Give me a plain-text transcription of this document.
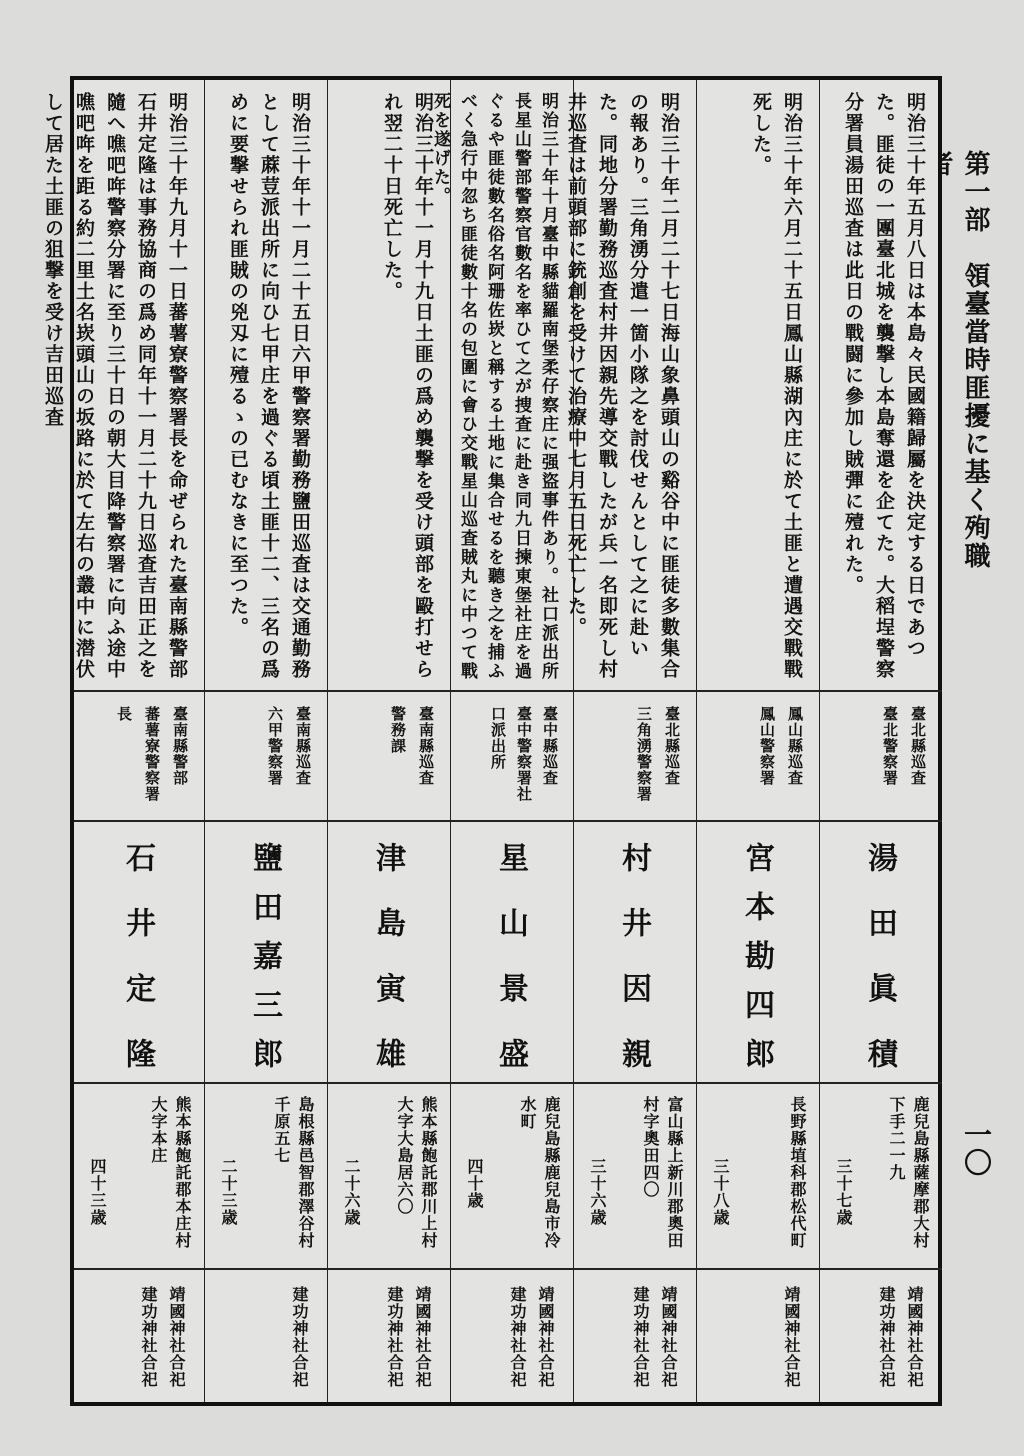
第一部　領臺當時匪擾に基く殉職
一〇
明治三十年五月八日は本島々民國籍歸屬を決定する日であつた。匪徒の一團臺北城を襲撃し本島奪還を企てた。大稻埕警察分署員湯田巡査は此日の戰闘に參加し賊彈に殪れた。
臺北縣巡査
臺北警察署
湯田眞積
鹿兒島縣薩摩郡大村
下手二一九
三十七歳
靖國神社合祀
建功神社合祀
明治三十年六月二十五日鳳山縣湖內庄に於て土匪と遭遇交戰戰死した。
鳳山縣巡査
鳳山警察署
宮本勘四郎
長野縣埴科郡松代町
三十八歳
靖國神社合祀
明治三十年二月二十七日海山象鼻頭山の谿谷中に匪徒多數集合の報あり。三角湧分遣一箇小隊之を討伐せんとして之に赴いた。同地分署勤務巡査村井因親先導交戰したが兵一名即死し村井巡査は前頭部に銃創を受けて治療中七月五日死亡した。
臺北縣巡査
三角湧警察署
村井因親
富山縣上新川郡奧田
村字奧田四〇
三十六歳
靖國神社合祀
建功神社合祀
明治三十年十月臺中縣貓羅南堡柔仔察庄に强盜事件あり。社口派出所長星山警部警察官數名を率ひて之が捜査に赴き同九日揀東堡社庄を過ぐるや匪徒數名俗名阿珊佐崁と稱する土地に集合せるを聽き之を捕ふべく急行中忽ち匪徒數十名の包圍に會ひ交戰星山巡査賊丸に中つて戰死を遂げた。
臺中縣巡査
臺中警察署社
口派出所
星山景盛
鹿兒島縣鹿兒島市冷
水町
四十歳
靖國神社合祀
建功神社合祀
明治三十年十一月十九日土匪の爲め襲撃を受け頭部を毆打せられ翌二十日死亡した。
臺南縣巡査
警務課
津島寅雄
熊本縣飽託郡川上村
大字大島居六〇
二十六歳
靖國神社合祀
建功神社合祀
明治三十年十一月二十五日六甲警察署勤務鹽田巡査は交通勤務として蔴荳派出所に向ひ七甲庄を過ぐる頃土匪十二、三名の爲めに要撃せられ匪賊の兇刄に殪るゝの已むなきに至つた。
臺南縣巡査
六甲警察署
鹽田嘉三郎
島根縣邑智郡澤谷村
千原五七
二十三歳
建功神社合祀
明治三十年九月十一日蕃薯寮警察署長を命ぜられた臺南縣警部石井定隆は事務協商の爲め同年十一月二十九日巡査吉田正之を隨へ噍吧哖警察分署に至り三十日の朝大目降警察署に向ふ途中噍吧哖を距る約二里土名崁頭山の坂路に於て左右の叢中に潜伏して居た土匪の狙撃を受け吉田巡査
臺南縣警部
蕃薯寮警察署
長
石井定隆
熊本縣飽託郡本庄村
大字本庄
四十三歳
靖國神社合祀
建功神社合祀
